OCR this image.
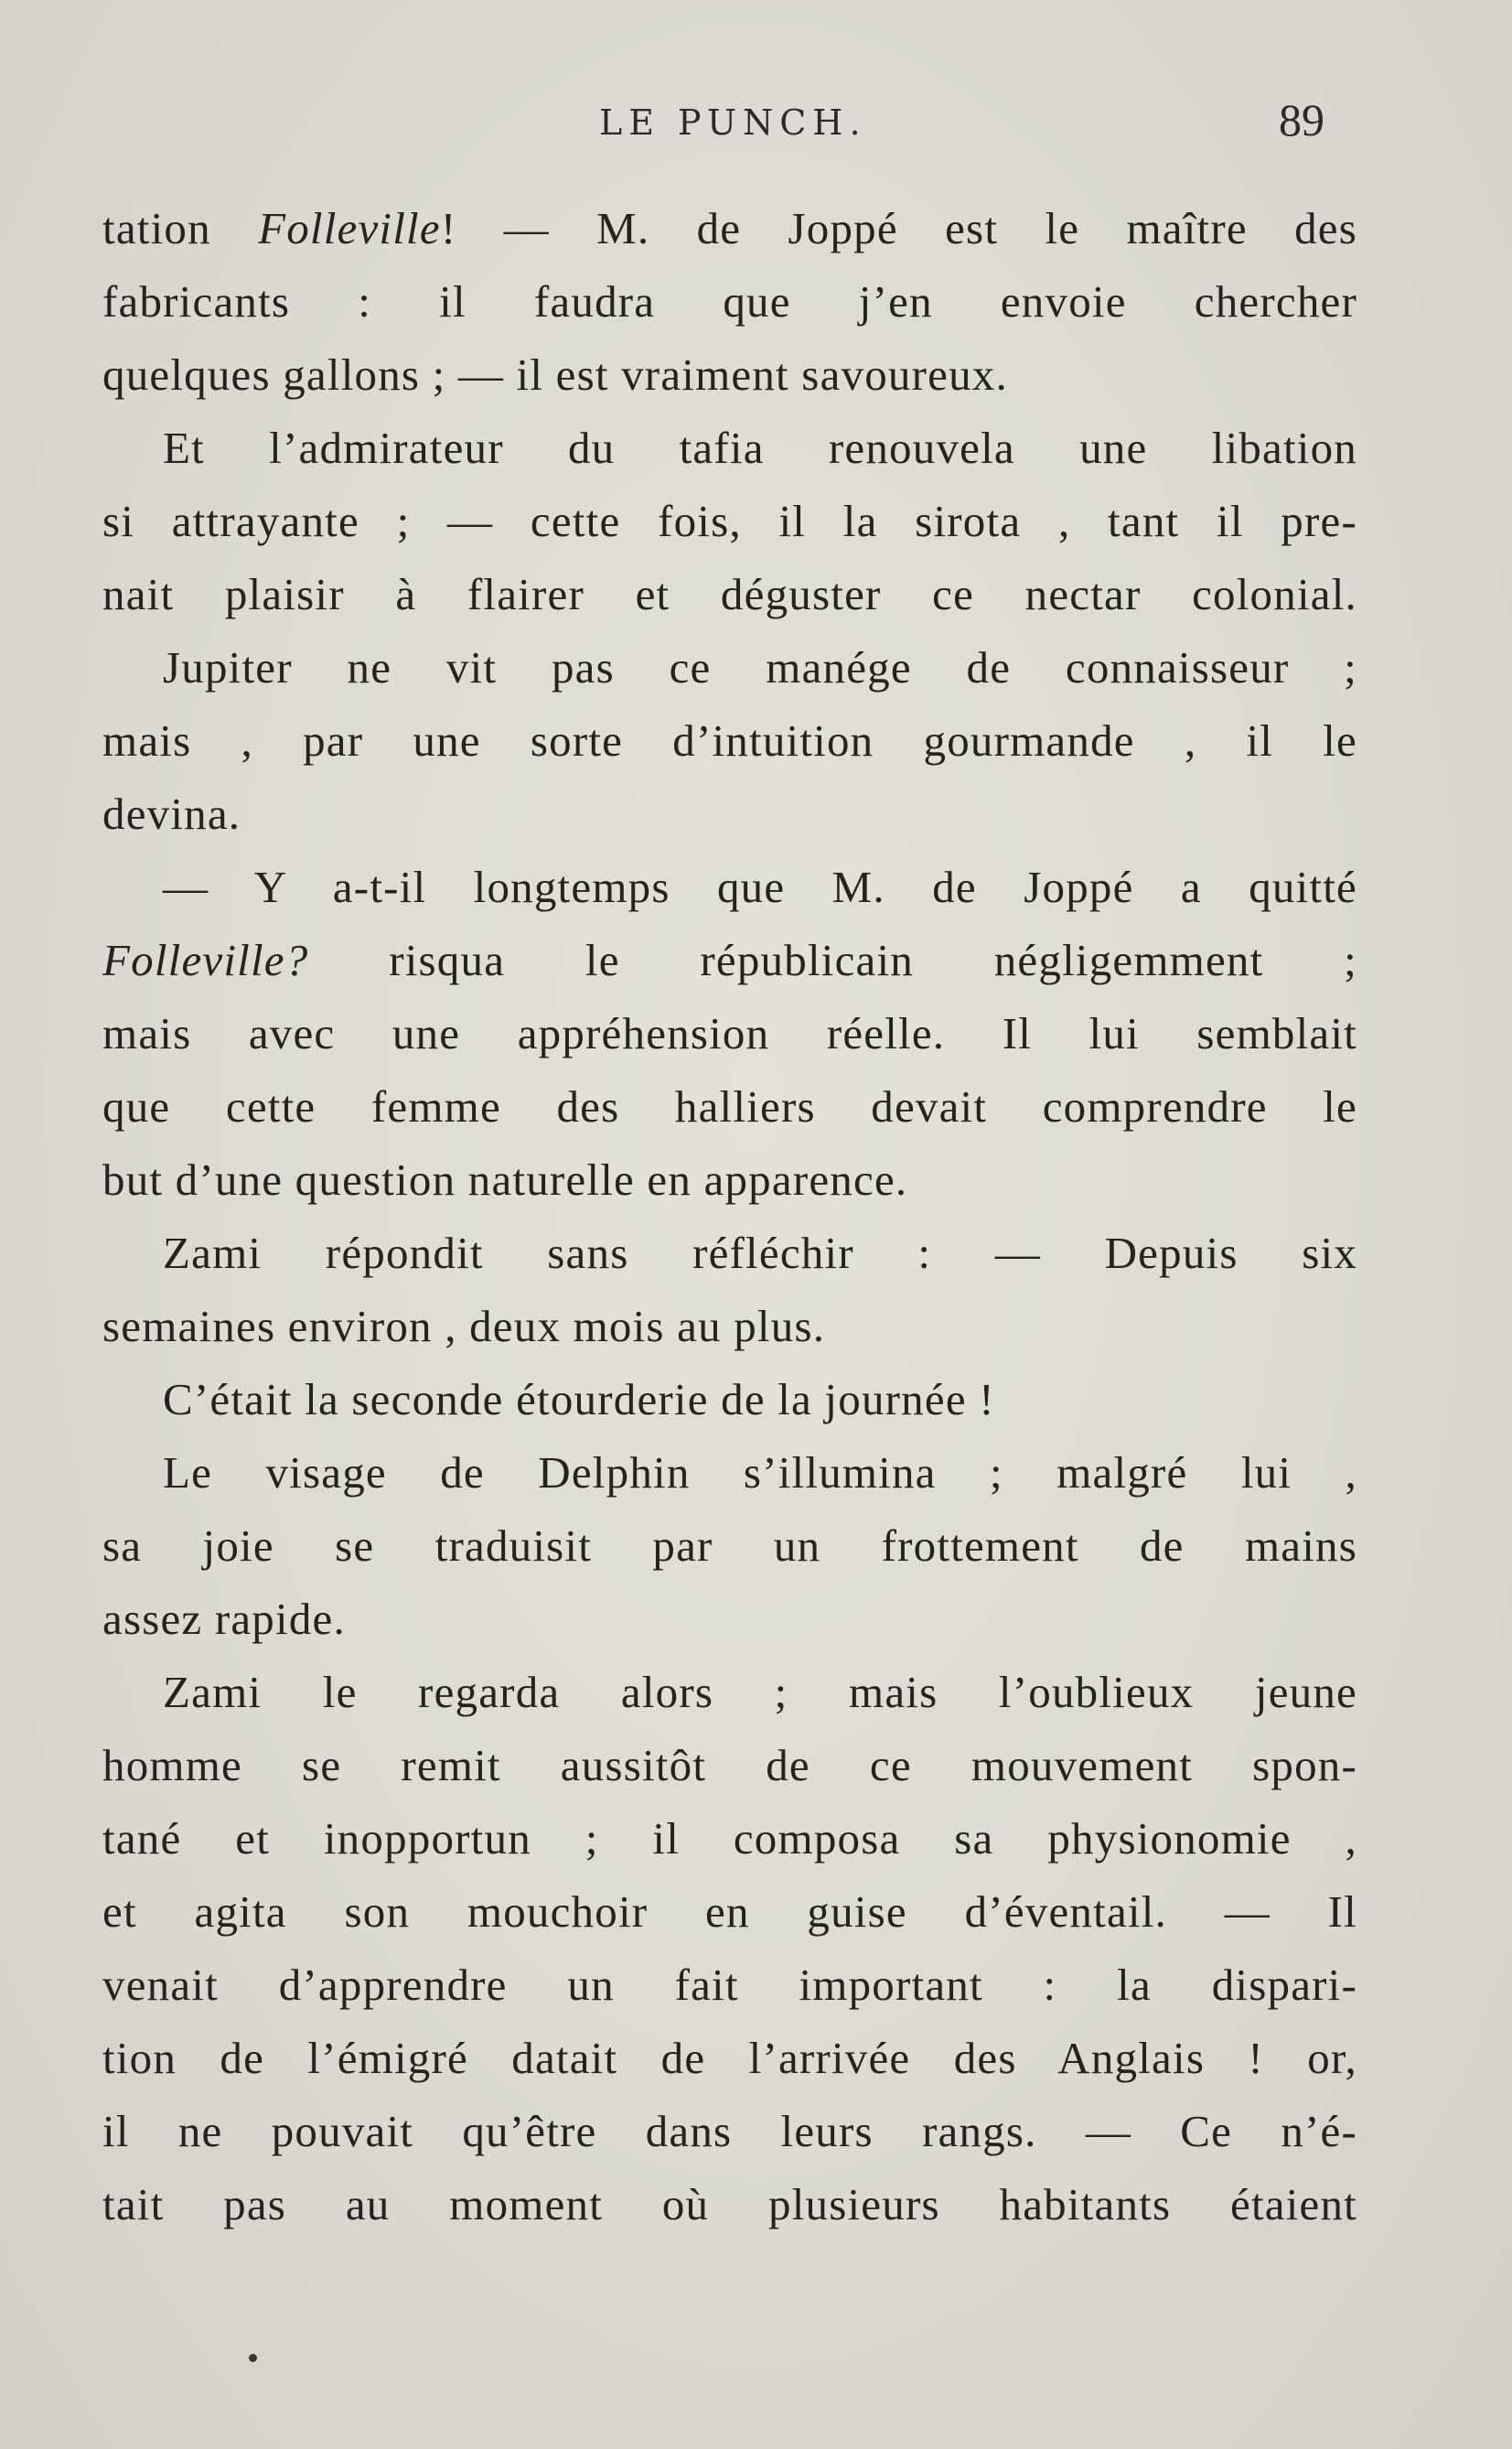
LE PUNCH.	89
tation Folleville! — M. de Joppé est le maître des
fabricants : il faudra que j’en envoie chercher
quelques gallons ; — il est vraiment savoureux.
Et l’admirateur du tafia renouvela une libation
si attrayante ; — cette fois, il la sirota , tant il pre-
nait plaisir à flairer et déguster ce nectar colonial.
Jupiter ne vit pas ce manége de connaisseur ;
mais , par une sorte d’intuition gourmande , il le
devina.
— Y a-t-il longtemps que M. de Joppé a quitté
Folleville? risqua le républicain négligemment ;
mais avec une appréhension réelle. Il lui semblait
que cette femme des halliers devait comprendre le
but d’une question naturelle en apparence.
Zami répondit sans réfléchir : — Depuis six
semaines environ , deux mois au plus.
C’était la seconde étourderie de la journée !
Le visage de Delphin s’illumina ; malgré lui ,
sa joie se traduisit par un frottement de mains
assez rapide.
Zami le regarda alors ; mais l’oublieux jeune
homme se remit aussitôt de ce mouvement spon-
tané et inopportun ; il composa sa physionomie ,
et agita son mouchoir en guise d’éventail. — Il
venait d’apprendre un fait important : la dispari-
tion de l’émigré datait de l’arrivée des Anglais ! or,
il ne pouvait qu’être dans leurs rangs. — Ce n’é-
tait pas au moment où plusieurs habitants étaient
